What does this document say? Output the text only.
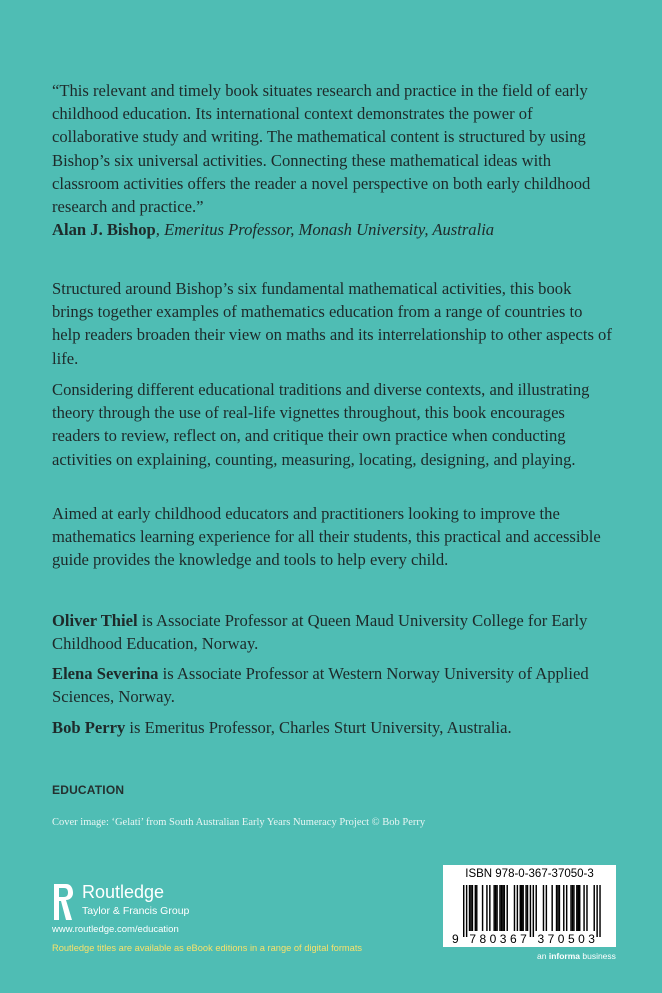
“This relevant and timely book situates research and practice in the field of early childhood education. Its international context demonstrates the power of collaborative study and writing. The mathematical content is structured by using Bishop’s six universal activities. Connecting these mathematical ideas with classroom activities offers the reader a novel perspective on both early childhood research and practice.”

Alan J. Bishop, Emeritus Professor, Monash University, Australia

Structured around Bishop’s six fundamental mathematical activities, this book brings together examples of mathematics education from a range of countries to help readers broaden their view on maths and its interrelationship to other aspects of life.

Considering different educational traditions and diverse contexts, and illustrating theory through the use of real-life vignettes throughout, this book encourages readers to review, reflect on, and critique their own practice when conducting activities on explaining, counting, measuring, locating, designing, and playing.

Aimed at early childhood educators and practitioners looking to improve the mathematics learning experience for all their students, this practical and accessible guide provides the knowledge and tools to help every child.

Oliver Thiel is Associate Professor at Queen Maud University College for Early Childhood Education, Norway.

Elena Severina is Associate Professor at Western Norway University of Applied Sciences, Norway.

Bob Perry is Emeritus Professor, Charles Sturt University, Australia.

EDUCATION
Cover image: ‘Gelati’ from South Australian Early Years Numeracy Project © Bob Perry
Routledge
Taylor & Francis Group
www.routledge.com/education
Routledge titles are available as eBook editions in a range of digital formats
ISBN 978-0-367-37050-3
9 7 8 0 3 6 7 3 7 0 5 0 3
an informa business
